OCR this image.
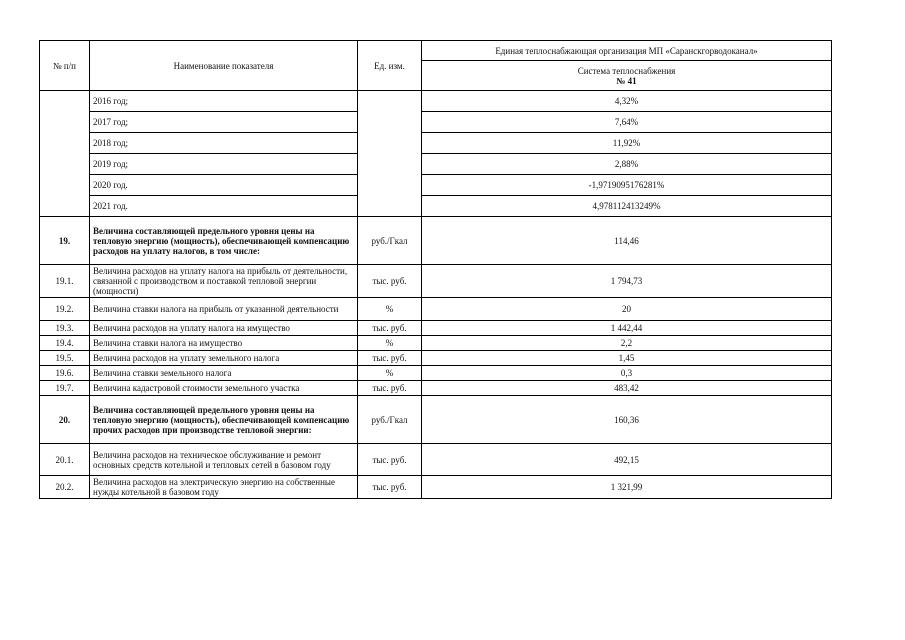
№ п/п	Наименование показателя	Ед. изм.	Единая теплоснабжающая организация МП «Саранскгорводоканал»

			Система теплоснабжения
№ 41

	2016 год;		4,32%
	2017 год;		7,64%
	2018 год;		11,92%
	2019 год;		2,88%
	2020 год.		-1,9719095176281%
	2021 год.		4,978112413249%
19.	Величина составляющей предельного уровня цены на тепловую энергию (мощность), обеспечивающей компенсацию расходов на уплату налогов, в том числе:	руб./Гкал	114,46
19.1.	Величина расходов на уплату налога на прибыль от деятельности, связанной с производством и поставкой тепловой энергии (мощности)	тыс. руб.	1 794,73
19.2.	Величина ставки налога на прибыль от указанной деятельности	%	20
19.3.	Величина расходов на уплату налога на имущество	тыс. руб.	1 442,44
19.4.	Величина ставки налога на имущество	%	2,2
19.5.	Величина расходов на уплату земельного налога	тыс. руб.	1,45
19.6.	Величина ставки земельного налога	%	0,3
19.7.	Величина кадастровой стоимости земельного участка	тыс. руб.	483,42
20.	Величина составляющей предельного уровня цены на тепловую энергию (мощность), обеспечивающей компенсацию прочих расходов при производстве тепловой энергии:	руб./Гкал	160,36
20.1.	Величина расходов на техническое обслуживание и ремонт основных средств котельной и тепловых сетей в базовом году	тыс. руб.	492,15
20.2.	Величина расходов на электрическую энергию на собственные нужды котельной в базовом году	тыс. руб.	1 321,99
